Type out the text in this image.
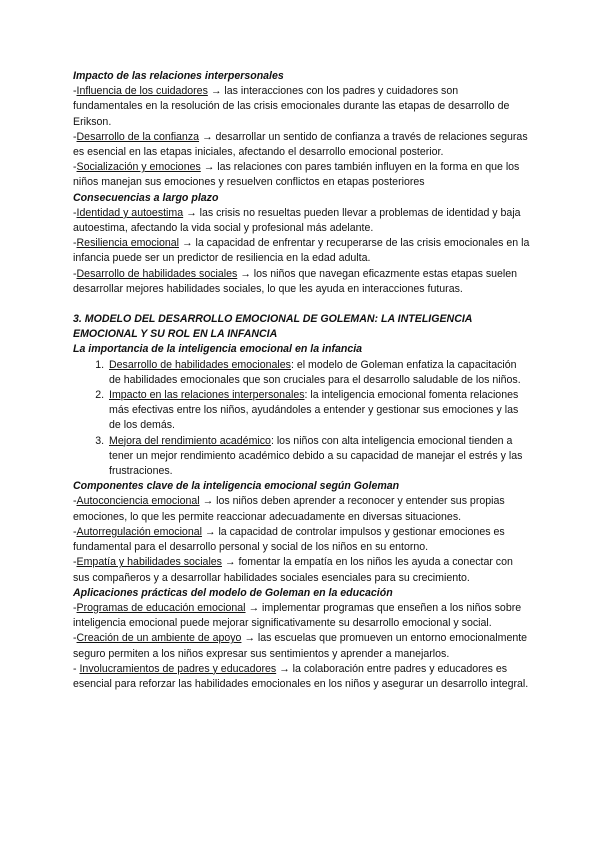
Impacto de las relaciones interpersonales

-Influencia de los cuidadores → las interacciones con los padres y cuidadores son fundamentales en la resolución de las crisis emocionales durante las etapas de desarrollo de Erikson.

-Desarrollo de la confianza → desarrollar un sentido de confianza a través de relaciones seguras es esencial en las etapas iniciales, afectando el desarrollo emocional posterior.

-Socialización y emociones → las relaciones con pares también influyen en la forma en que los niños manejan sus emociones y resuelven conflictos en etapas posteriores

Consecuencias a largo plazo

-Identidad y autoestima → las crisis no resueltas pueden llevar a problemas de identidad y baja autoestima, afectando la vida social y profesional más adelante.

-Resiliencia emocional → la capacidad de enfrentar y recuperarse de las crisis emocionales en la infancia puede ser un predictor de resiliencia en la edad adulta.

-Desarrollo de habilidades sociales → los niños que navegan eficazmente estas etapas suelen desarrollar mejores habilidades sociales, lo que les ayuda en interacciones futuras.

3. MODELO DEL DESARROLLO EMOCIONAL DE GOLEMAN: LA INTELIGENCIA EMOCIONAL Y SU ROL EN LA INFANCIA

La importancia de la inteligencia emocional en la infancia

1. Desarrollo de habilidades emocionales: el modelo de Goleman enfatiza la capacitación de habilidades emocionales que son cruciales para el desarrollo saludable de los niños.
2. Impacto en las relaciones interpersonales: la inteligencia emocional fomenta relaciones más efectivas entre los niños, ayudándoles a entender y gestionar sus emociones y las de los demás.
3. Mejora del rendimiento académico: los niños con alta inteligencia emocional tienden a tener un mejor rendimiento académico debido a su capacidad de manejar el estrés y las frustraciones.

Componentes clave de la inteligencia emocional según Goleman

-Autoconciencia emocional → los niños deben aprender a reconocer y entender sus propias emociones, lo que les permite reaccionar adecuadamente en diversas situaciones.

-Autorregulación emocional → la capacidad de controlar impulsos y gestionar emociones es fundamental para el desarrollo personal y social de los niños en su entorno.

-Empatía y habilidades sociales → fomentar la empatía en los niños les ayuda a conectar con sus compañeros y a desarrollar habilidades sociales esenciales para su crecimiento.

Aplicaciones prácticas del modelo de Goleman en la educación

-Programas de educación emocional → implementar programas que enseñen a los niños sobre inteligencia emocional puede mejorar significativamente su desarrollo emocional y social.

-Creación de un ambiente de apoyo → las escuelas que promueven un entorno emocionalmente seguro permiten a los niños expresar sus sentimientos y aprender a manejarlos.

- Involucramientos de padres y educadores → la colaboración entre padres y educadores es esencial para reforzar las habilidades emocionales en los niños y asegurar un desarrollo integral.
